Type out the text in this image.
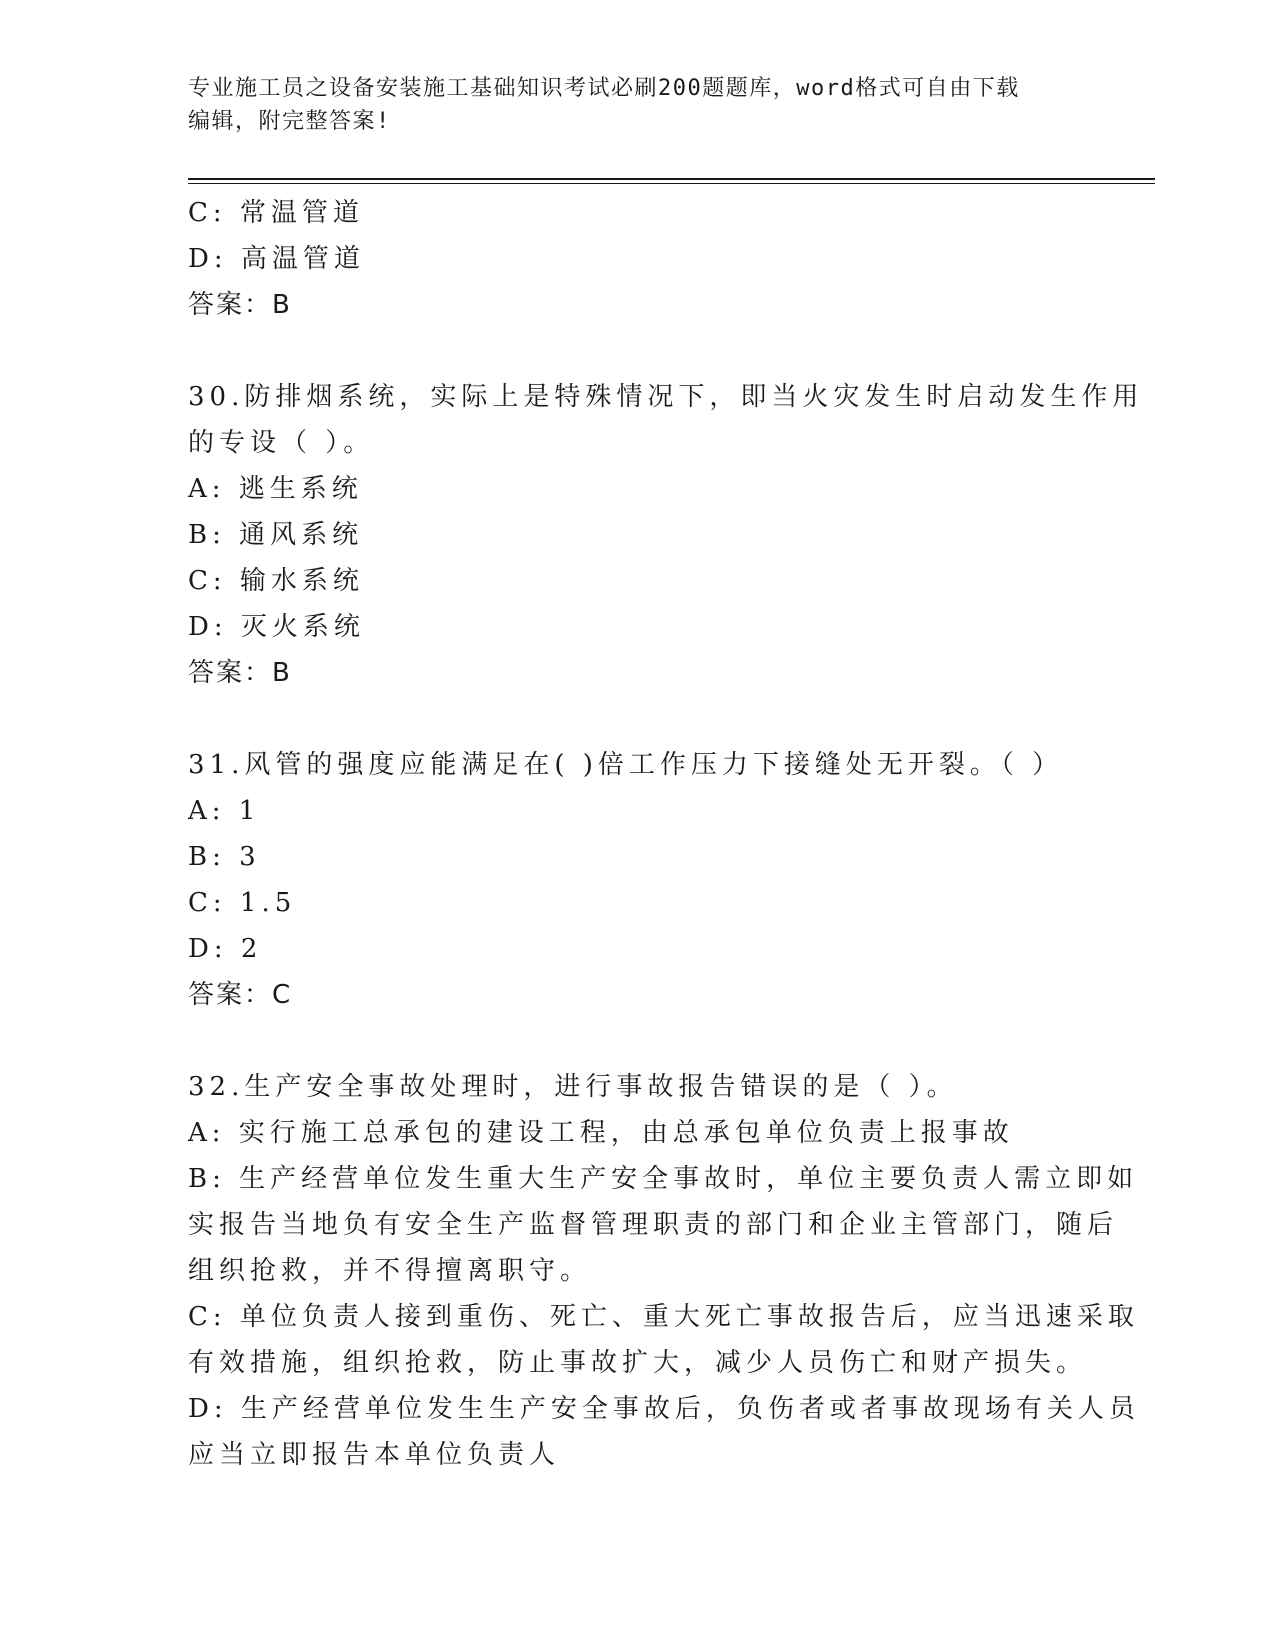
专业施工员之设备安装施工基础知识考试必刷200题题库，word格式可自由下载
编辑，附完整答案!
C: 常温管道
D: 高温管道
答案：B
30.防排烟系统，实际上是特殊情况下，即当火灾发生时启动发生作用
的专设（ ）。
A: 逃生系统
B: 通风系统
C: 输水系统
D: 灭火系统
答案：B
31.风管的强度应能满足在( )倍工作压力下接缝处无开裂。（ ）
A: 1
B: 3
C: 1.5
D: 2
答案：C
32.生产安全事故处理时，进行事故报告错误的是（ ）。
A: 实行施工总承包的建设工程，由总承包单位负责上报事故
B: 生产经营单位发生重大生产安全事故时，单位主要负责人需立即如
实报告当地负有安全生产监督管理职责的部门和企业主管部门，随后
组织抢救，并不得擅离职守。
C: 单位负责人接到重伤、死亡、重大死亡事故报告后，应当迅速采取
有效措施，组织抢救，防止事故扩大，减少人员伤亡和财产损失。
D: 生产经营单位发生生产安全事故后，负伤者或者事故现场有关人员
应当立即报告本单位负责人
